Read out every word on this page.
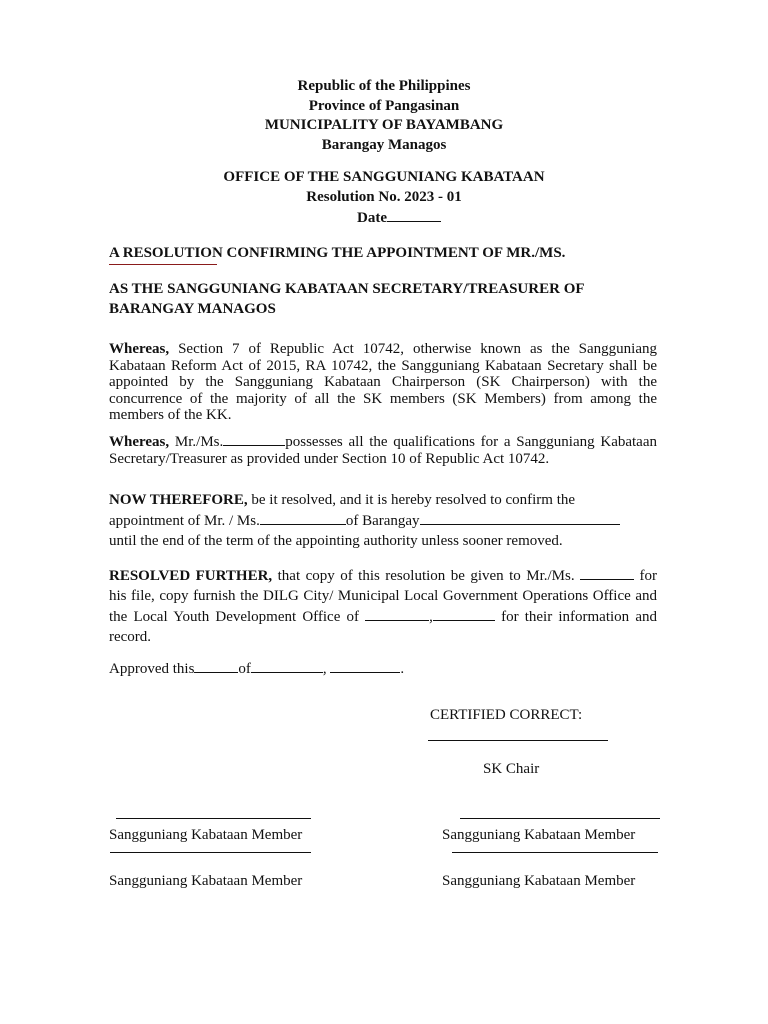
Republic of the Philippines
Province of Pangasinan
MUNICIPALITY OF BAYAMBANG
Barangay Managos
OFFICE OF THE SANGGUNIANG KABATAAN
Resolution No. 2023 - 01
Date
A RESOLUTION CONFIRMING THE APPOINTMENT OF MR./MS.
AS THE SANGGUNIANG KABATAAN SECRETARY/TREASURER OF
BARANGAY MANAGOS
Whereas, Section 7 of Republic Act 10742, otherwise known as the Sangguniang Kabataan Reform Act of 2015, RA 10742, the Sangguniang Kabataan Secretary shall be appointed by the Sangguniang Kabataan Chairperson (SK Chairperson) with the concurrence of the majority of all the SK members (SK Members) from among the members of the KK.
Whereas, Mr./Ms.	possesses all the qualifications for a Sangguniang Kabataan Secretary/Treasurer as provided under Section 10 of Republic Act 10742.
NOW THEREFORE, be it resolved, and it is hereby resolved to confirm the
appointment of Mr. / Ms.	of Barangay
until the end of the term of the appointing authority unless sooner removed.
RESOLVED FURTHER, that copy of this resolution be given to Mr./Ms.	for his file, copy furnish the DILG City/ Municipal Local Government Operations Office and the Local Youth Development Office of	,	for their information and record.
Approved this	of	,	.
CERTIFIED CORRECT:
SK Chair
Sangguniang Kabataan Member	Sangguniang Kabataan Member
Sangguniang Kabataan Member	Sangguniang Kabataan Member
